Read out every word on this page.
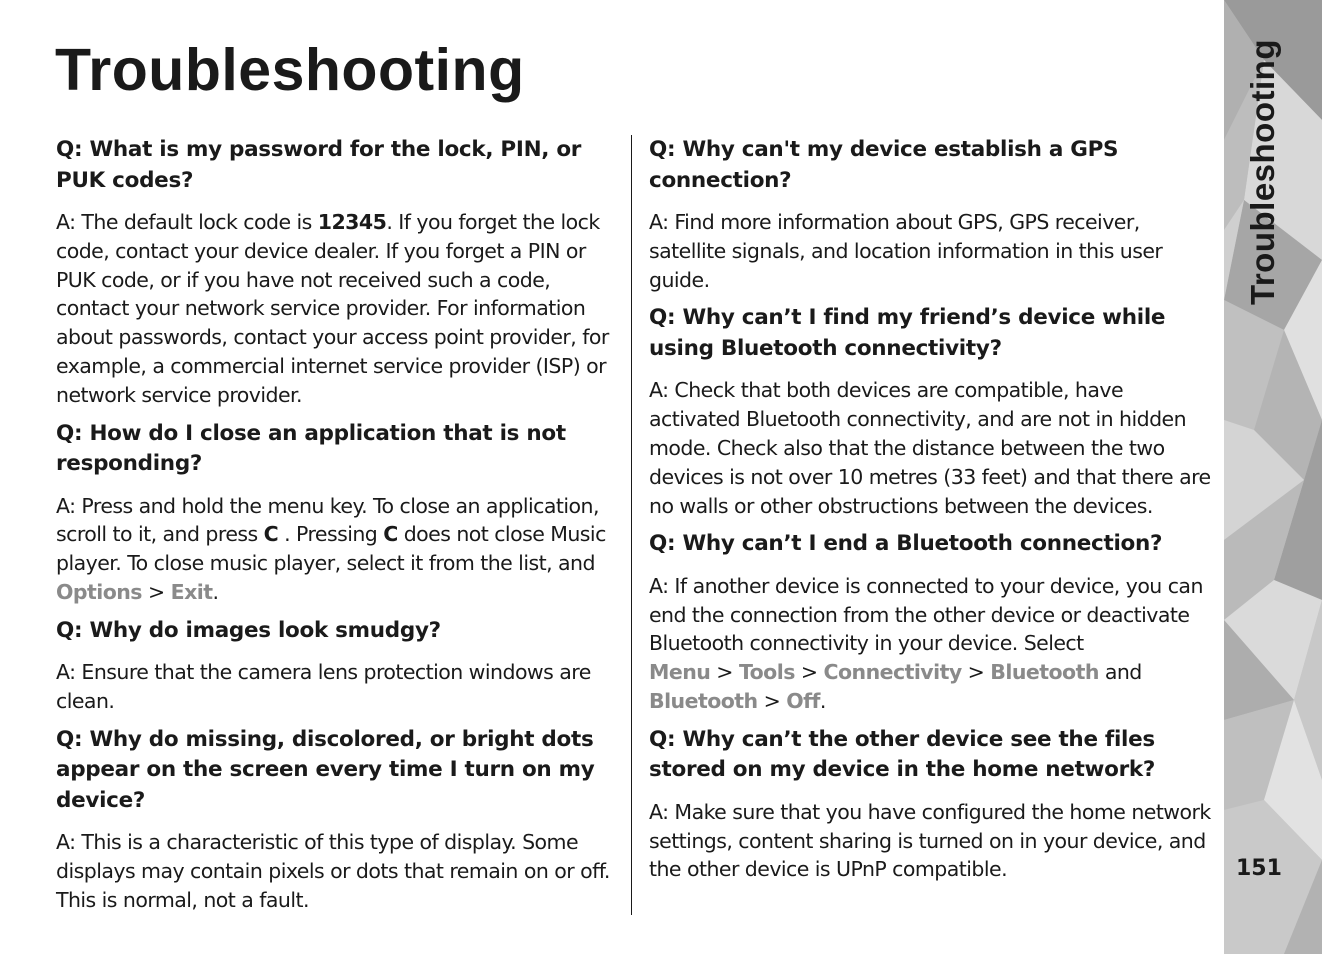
Troubleshooting

Q: What is my password for the lock, PIN, or PUK codes?

A: The default lock code is 12345. If you forget the lock code, contact your device dealer. If you forget a PIN or PUK code, or if you have not received such a code, contact your network service provider. For information about passwords, contact your access point provider, for example, a commercial internet service provider (ISP) or network service provider.

Q: How do I close an application that is not responding?

A: Press and hold the menu key. To close an application, scroll to it, and press C . Pressing C does not close Music player. To close music player, select it from the list, and Options > Exit.

Q: Why do images look smudgy?

A: Ensure that the camera lens protection windows are clean.

Q: Why do missing, discolored, or bright dots appear on the screen every time I turn on my device?

A: This is a characteristic of this type of display. Some displays may contain pixels or dots that remain on or off. This is normal, not a fault.

Q: Why can't my device establish a GPS connection?

A: Find more information about GPS, GPS receiver, satellite signals, and location information in this user guide.

Q: Why can’t I find my friend’s device while using Bluetooth connectivity?

A: Check that both devices are compatible, have activated Bluetooth connectivity, and are not in hidden mode. Check also that the distance between the two devices is not over 10 metres (33 feet) and that there are no walls or other obstructions between the devices.

Q: Why can’t I end a Bluetooth connection?

A: If another device is connected to your device, you can end the connection from the other device or deactivate Bluetooth connectivity in your device. Select Menu > Tools > Connectivity > Bluetooth and Bluetooth > Off.

Q: Why can’t the other device see the files stored on my device in the home network?

A: Make sure that you have configured the home network settings, content sharing is turned on in your device, and the other device is UPnP compatible.

Troubleshooting
151
